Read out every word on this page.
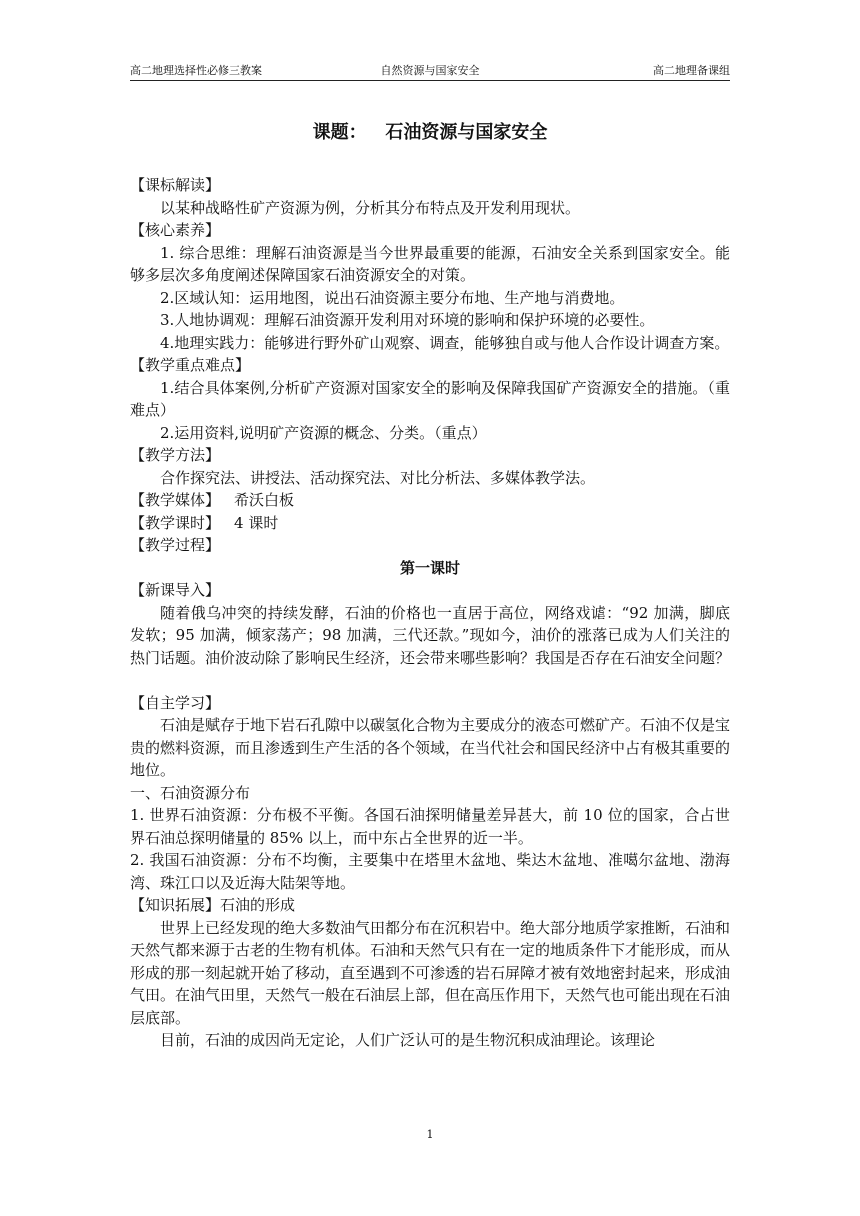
高二地理选择性必修三教案	自然资源与国家安全	高二地理备课组
课题：   石油资源与国家安全

【课标解读】

以某种战略性矿产资源为例，分析其分布特点及开发利用现状。

【核心素养】

1. 综合思维：理解石油资源是当今世界最重要的能源，石油安全关系到国家安全。能够多层次多角度阐述保障国家石油资源安全的对策。

2.区域认知：运用地图，说出石油资源主要分布地、生产地与消费地。

3.人地协调观：理解石油资源开发利用对环境的影响和保护环境的必要性。

4.地理实践力：能够进行野外矿山观察、调查，能够独自或与他人合作设计调查方案。

【教学重点难点】

1.结合具体案例,分析矿产资源对国家安全的影响及保障我国矿产资源安全的措施。（重难点）

2.运用资料,说明矿产资源的概念、分类。（重点）

【教学方法】

合作探究法、讲授法、活动探究法、对比分析法、多媒体教学法。

【教学媒体】 希沃白板

【教学课时】 4 课时

【教学过程】

第一课时

【新课导入】

随着俄乌冲突的持续发酵，石油的价格也一直居于高位，网络戏谑：“92 加满，脚底发软；95 加满，倾家荡产；98 加满，三代还款。”现如今，油价的涨落已成为人们关注的热门话题。油价波动除了影响民生经济，还会带来哪些影响？我国是否存在石油安全问题？

【自主学习】

石油是赋存于地下岩石孔隙中以碳氢化合物为主要成分的液态可燃矿产。石油不仅是宝贵的燃料资源，而且渗透到生产生活的各个领域，在当代社会和国民经济中占有极其重要的地位。

一、石油资源分布

1. 世界石油资源：分布极不平衡。各国石油探明储量差异甚大，前 10 位的国家，合占世界石油总探明储量的 85% 以上，而中东占全世界的近一半。

2. 我国石油资源：分布不均衡，主要集中在塔里木盆地、柴达木盆地、准噶尔盆地、渤海湾、珠江口以及近海大陆架等地。

【知识拓展】石油的形成

世界上已经发现的绝大多数油气田都分布在沉积岩中。绝大部分地质学家推断，石油和天然气都来源于古老的生物有机体。石油和天然气只有在一定的地质条件下才能形成，而从形成的那一刻起就开始了移动，直至遇到不可渗透的岩石屏障才被有效地密封起来，形成油气田。在油气田里，天然气一般在石油层上部，但在高压作用下，天然气也可能出现在石油层底部。

目前，石油的成因尚无定论，人们广泛认可的是生物沉积成油理论。该理论

1
